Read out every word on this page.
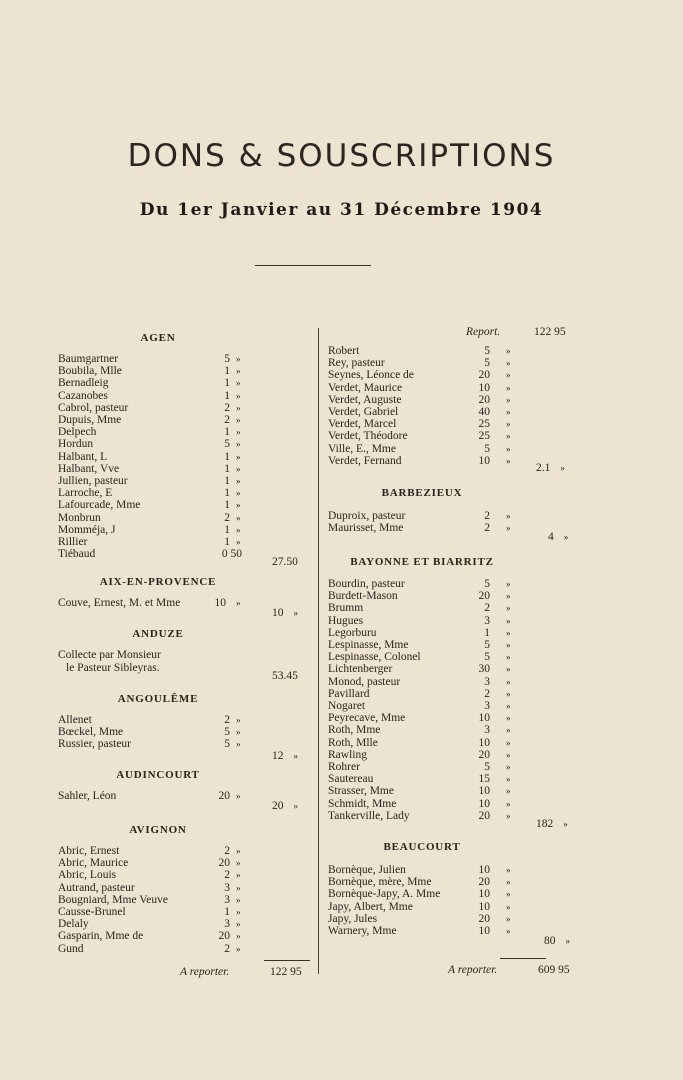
DONS & SOUSCRIPTIONS
Du 1er Janvier au 31 Décembre 1904
AGEN
Baumgartner	5 »
Boubila, Mlle	1 »
Bernadleig	1 »
Cazanobes	1 »
Cabrol, pasteur	2 »
Dupuis, Mme	2 »
Delpech	1 »
Hordun	5 »
Halbant, L	1 »
Halbant, Vve	1 »
Jullien, pasteur	1 »
Larroche, E	1 »
Lafourcade, Mme	1 »
Monbrun	2 »
Momméja, J	1 »
Rillier	1 »
Tiébaud	0 50
27.50
AIX-EN-PROVENCE
Couve, Ernest, M. et Mme	10 »
10 »
ANDUZE
Collecte par Monsieur
le Pasteur Sibleyras.
53.45
ANGOULÊME
Allenet	2 »
Bœckel, Mme	5 »
Russier, pasteur	5 »
12 »
AUDINCOURT
Sahler, Léon	20 »
20 »
AVIGNON
Abric, Ernest	2 »
Abric, Maurice	20 »
Abric, Louis	2 »
Autrand, pasteur	3 »
Bougniard, Mme Veuve	3 »
Causse-Brunel	1 »
Delaly	3 »
Gasparin, Mme de	20 »
Gund	2 »
A reporter.	122 95
Report.	122 95
Robert	5 »
Rey, pasteur	5 »
Seynes, Léonce de	20 »
Verdet, Maurice	10 »
Verdet, Auguste	20 »
Verdet, Gabriel	40 »
Verdet, Marcel	25 »
Verdet, Théodore	25 »
Ville, E., Mme	5 »
Verdet, Fernand	10 »
2.1 »
BARBEZIEUX
Duproix, pasteur	2 »
Maurisset, Mme	2 »
4 »
BAYONNE ET BIARRITZ
Bourdin, pasteur	5 »
Burdett-Mason	20 »
Brumm	2 »
Hugues	3 »
Legorburu	1 »
Lespinasse, Mme	5 »
Lespinasse, Colonel	5 »
Lichtenberger	30 »
Monod, pasteur	3 »
Pavillard	2 »
Nogaret	3 »
Peyrecave, Mme	10 »
Roth, Mme	3 »
Roth, Mlle	10 »
Rawling	20 »
Rohrer	5 »
Sautereau	15 »
Strasser, Mme	10 »
Schmidt, Mme	10 »
Tankerville, Lady	20 »
182 »
BEAUCOURT
Bornèque, Julien	10 »
Bornèque, mère, Mme	20 »
Bornèque-Japy, A. Mme	10 »
Japy, Albert, Mme	10 »
Japy, Jules	20 »
Warnery, Mme	10 »
80 »
A reporter.	609 95
